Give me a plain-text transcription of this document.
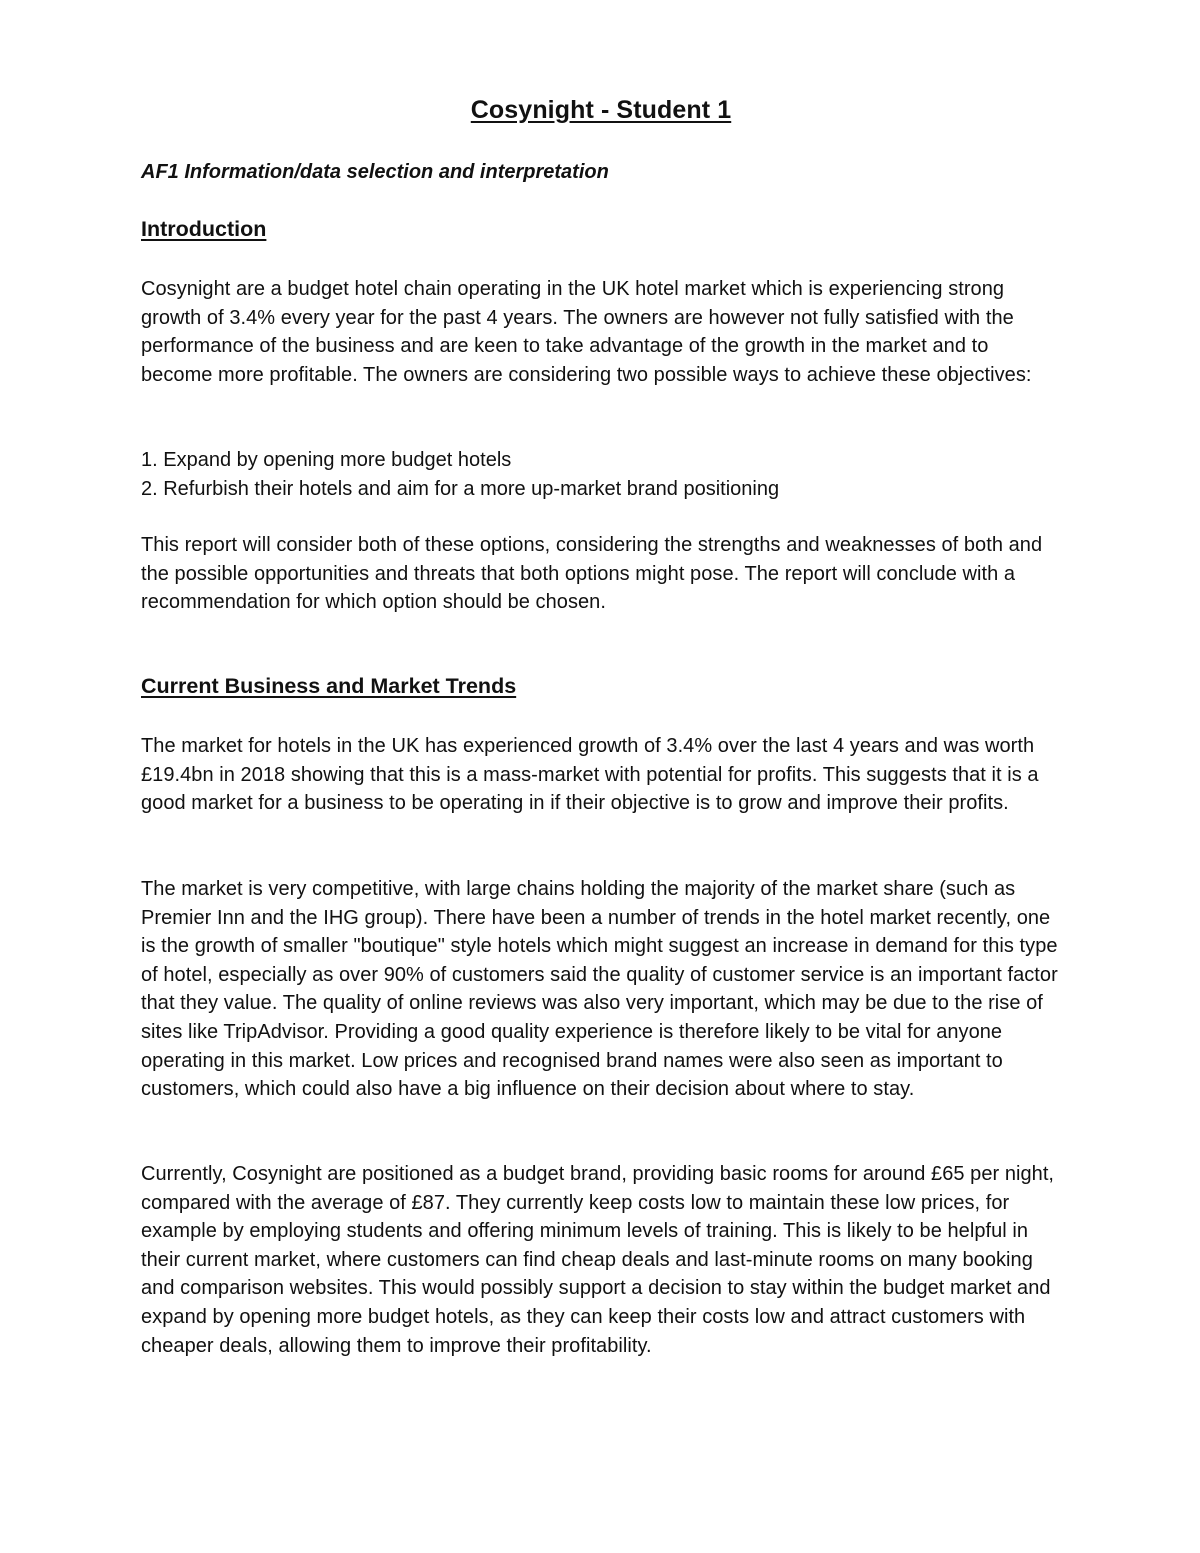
Cosynight - Student 1

AF1 Information/data selection and interpretation

Introduction

Cosynight are a budget hotel chain operating in the UK hotel market which is experiencing strong growth of 3.4% every year for the past 4 years. The owners are however not fully satisfied with the performance of the business and are keen to take advantage of the growth in the market and to become more profitable. The owners are considering two possible ways to achieve these objectives:

1. Expand by opening more budget hotels
2. Refurbish their hotels and aim for a more up-market brand positioning

This report will consider both of these options, considering the strengths and weaknesses of both and the possible opportunities and threats that both options might pose. The report will conclude with a recommendation for which option should be chosen.

Current Business and Market Trends

The market for hotels in the UK has experienced growth of 3.4% over the last 4 years and was worth £19.4bn in 2018 showing that this is a mass-market with potential for profits. This suggests that it is a good market for a business to be operating in if their objective is to grow and improve their profits.

The market is very competitive, with large chains holding the majority of the market share (such as Premier Inn and the IHG group). There have been a number of trends in the hotel market recently, one is the growth of smaller "boutique" style hotels which might suggest an increase in demand for this type of hotel, especially as over 90% of customers said the quality of customer service is an important factor that they value. The quality of online reviews was also very important, which may be due to the rise of sites like TripAdvisor. Providing a good quality experience is therefore likely to be vital for anyone operating in this market. Low prices and recognised brand names were also seen as important to customers, which could also have a big influence on their decision about where to stay.

Currently, Cosynight are positioned as a budget brand, providing basic rooms for around £65 per night, compared with the average of £87. They currently keep costs low to maintain these low prices, for example by employing students and offering minimum levels of training. This is likely to be helpful in their current market, where customers can find cheap deals and last-minute rooms on many booking and comparison websites. This would possibly support a decision to stay within the budget market and expand by opening more budget hotels, as they can keep their costs low and attract customers with cheaper deals, allowing them to improve their profitability.
